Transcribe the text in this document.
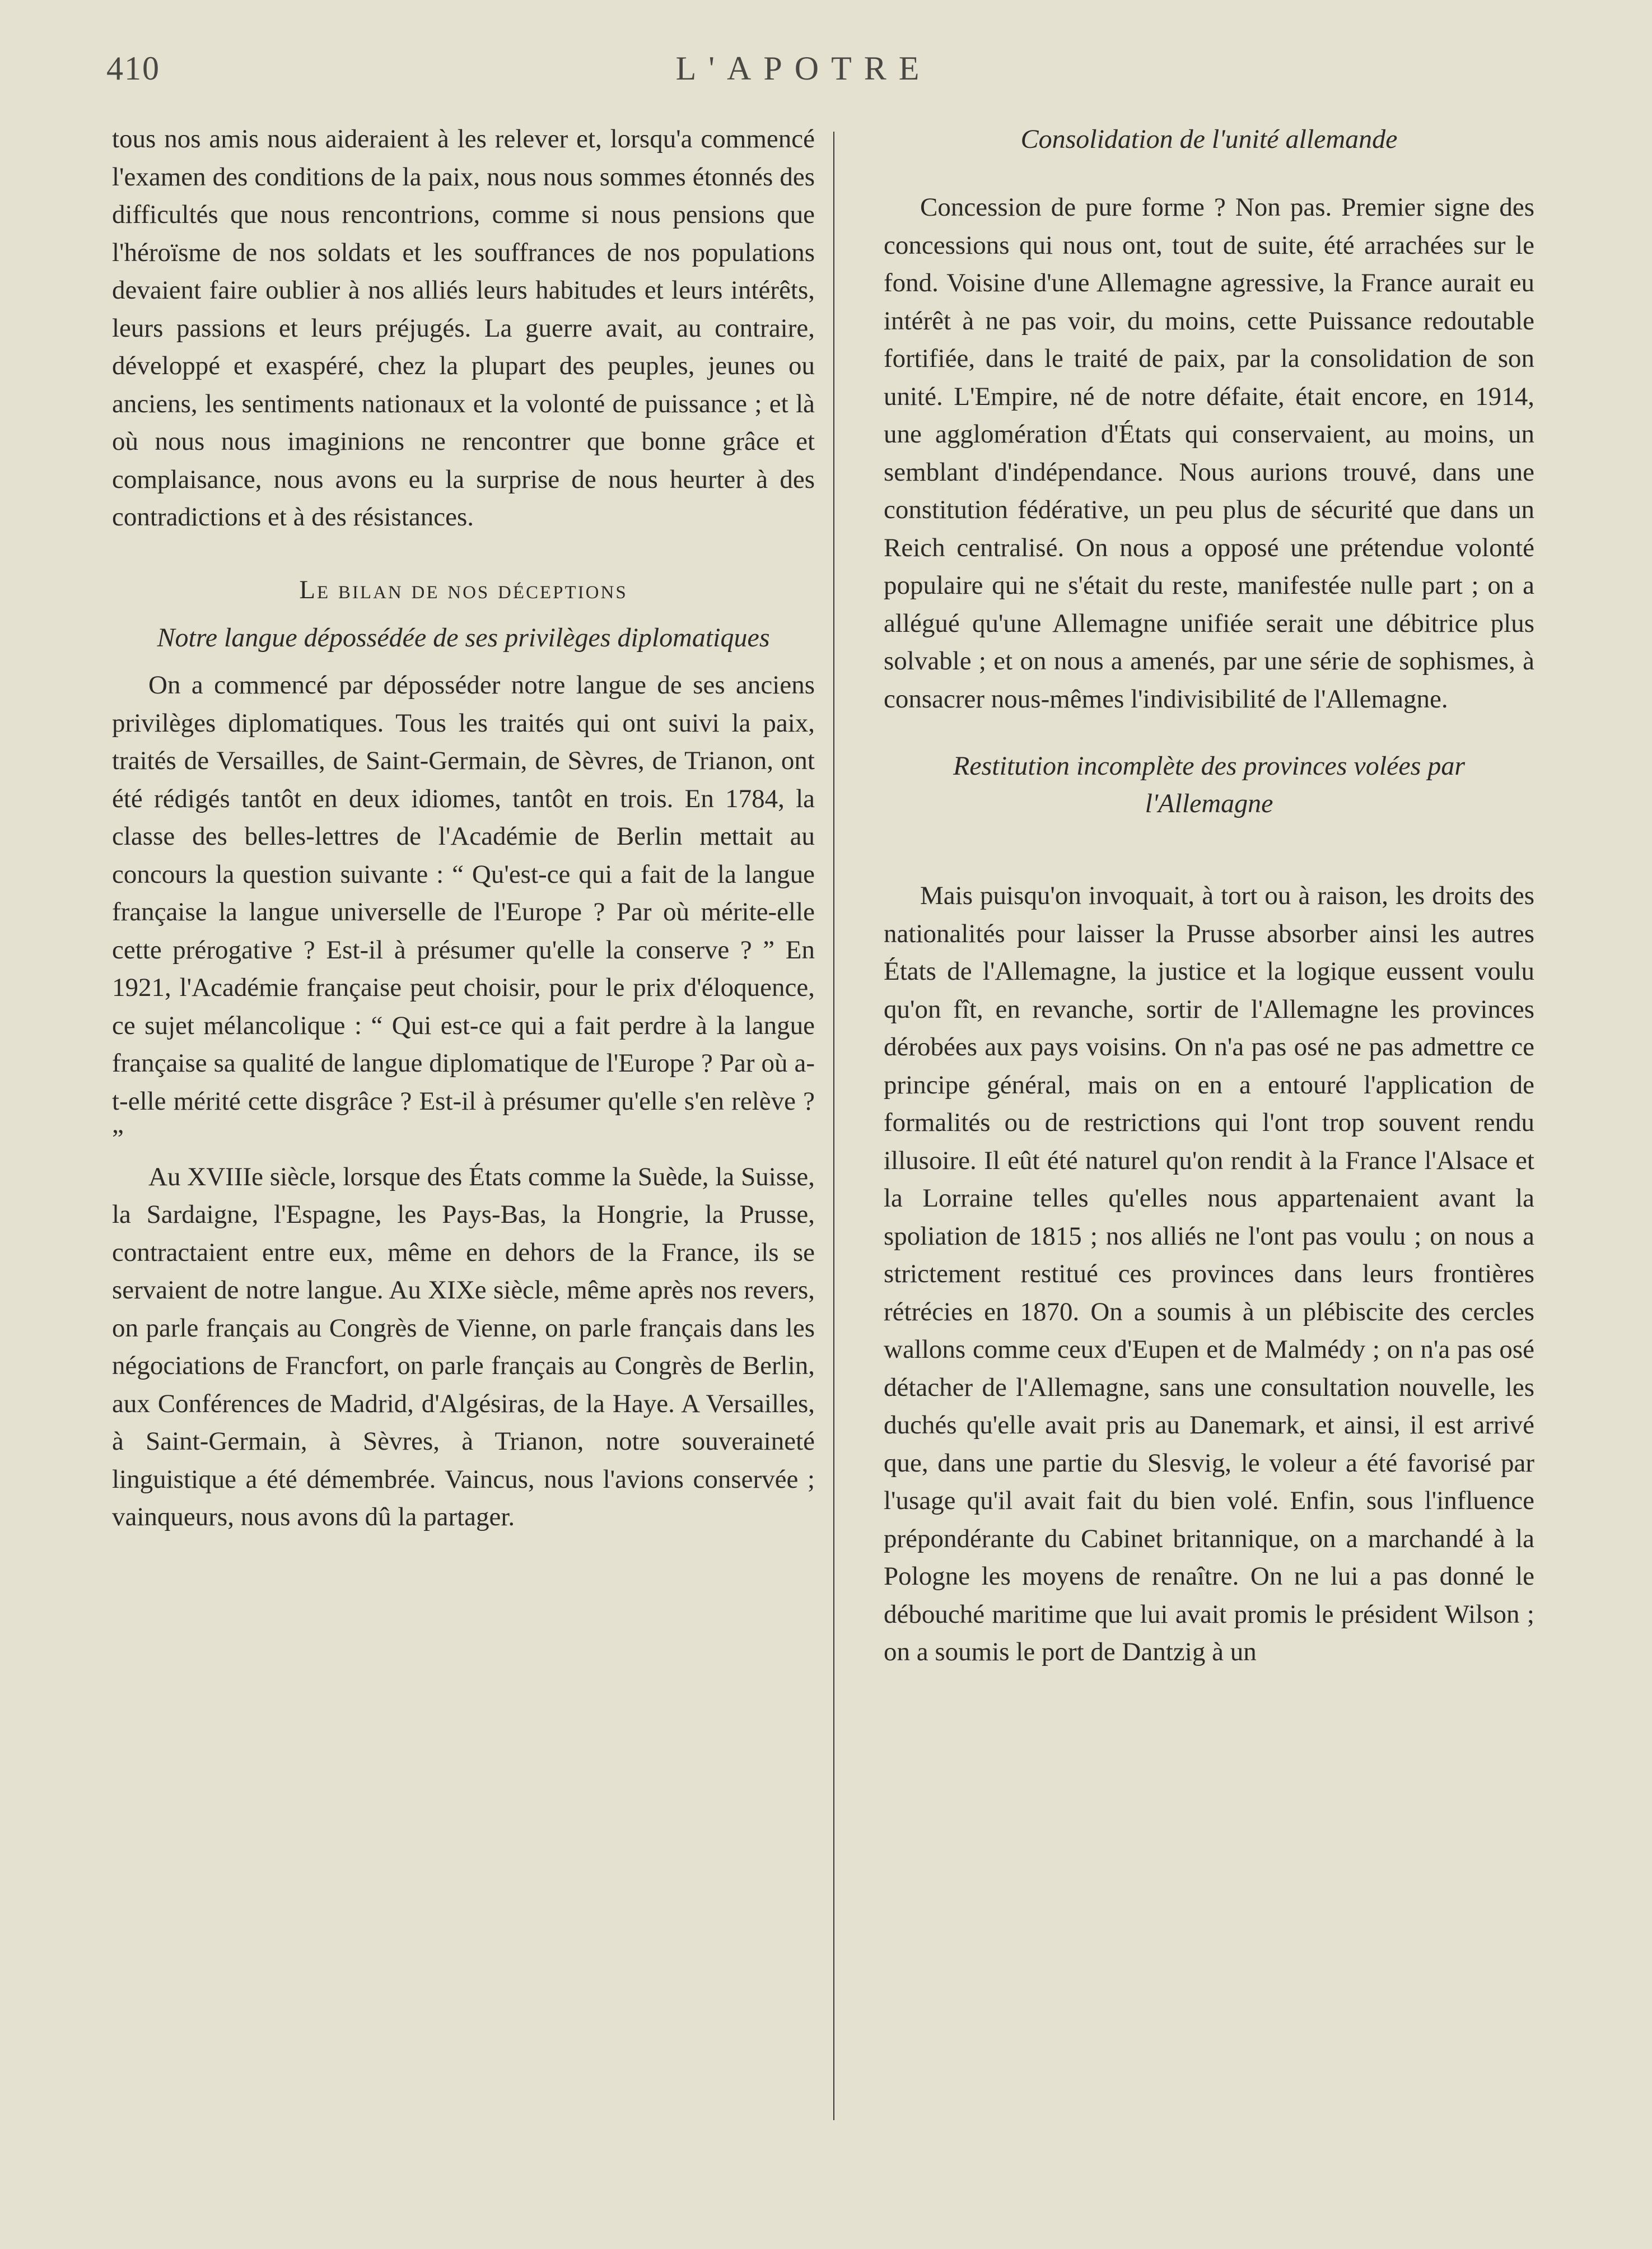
410	L'APOTRE

tous nos amis nous aideraient à les relever et, lorsqu'a commencé l'examen des conditions de la paix, nous nous sommes étonnés des difficultés que nous rencontrions, comme si nous pensions que l'héroïsme de nos soldats et les souffrances de nos populations devaient faire oublier à nos alliés leurs habitudes et leurs intérêts, leurs passions et leurs préjugés. La guerre avait, au contraire, développé et exaspéré, chez la plupart des peuples, jeunes ou anciens, les sentiments nationaux et la volonté de puissance ; et là où nous nous imaginions ne rencontrer que bonne grâce et complaisance, nous avons eu la surprise de nous heurter à des contradictions et à des résistances.

Le bilan de nos déceptions
Notre langue dépossédée de ses privilèges diplomatiques

On a commencé par déposséder notre langue de ses anciens privilèges diplomatiques. Tous les traités qui ont suivi la paix, traités de Versailles, de Saint-Germain, de Sèvres, de Trianon, ont été rédigés tantôt en deux idiomes, tantôt en trois. En 1784, la classe des belles-lettres de l'Académie de Berlin mettait au concours la question suivante : “ Qu'est-ce qui a fait de la langue française la langue universelle de l'Europe ? Par où mérite-elle cette prérogative ? Est-il à présumer qu'elle la conserve ? ” En 1921, l'Académie française peut choisir, pour le prix d'éloquence, ce sujet mélancolique : “ Qui est-ce qui a fait perdre à la langue française sa qualité de langue diplomatique de l'Europe ? Par où a-t-elle mérité cette disgrâce ? Est-il à présumer qu'elle s'en relève ? ”

Au XVIIIe siècle, lorsque des États comme la Suède, la Suisse, la Sardaigne, l'Espagne, les Pays-Bas, la Hongrie, la Prusse, contractaient entre eux, même en dehors de la France, ils se servaient de notre langue. Au XIXe siècle, même après nos revers, on parle français au Congrès de Vienne, on parle français dans les négociations de Francfort, on parle français au Congrès de Berlin, aux Conférences de Madrid, d'Algésiras, de la Haye. A Versailles, à Saint-Germain, à Sèvres, à Trianon, notre souveraineté linguistique a été démembrée. Vaincus, nous l'avions conservée ; vainqueurs, nous avons dû la partager.

Consolidation de l'unité allemande

Concession de pure forme ? Non pas. Premier signe des concessions qui nous ont, tout de suite, été arrachées sur le fond. Voisine d'une Allemagne agressive, la France aurait eu intérêt à ne pas voir, du moins, cette Puissance redoutable fortifiée, dans le traité de paix, par la consolidation de son unité. L'Empire, né de notre défaite, était encore, en 1914, une agglomération d'États qui conservaient, au moins, un semblant d'indépendance. Nous aurions trouvé, dans une constitution fédérative, un peu plus de sécurité que dans un Reich centralisé. On nous a opposé une prétendue volonté populaire qui ne s'était du reste, manifestée nulle part ; on a allégué qu'une Allemagne unifiée serait une débitrice plus solvable ; et on nous a amenés, par une série de sophismes, à consacrer nous-mêmes l'indivisibilité de l'Allemagne.

Restitution incomplète des provinces volées par l'Allemagne

Mais puisqu'on invoquait, à tort ou à raison, les droits des nationalités pour laisser la Prusse absorber ainsi les autres États de l'Allemagne, la justice et la logique eussent voulu qu'on fît, en revanche, sortir de l'Allemagne les provinces dérobées aux pays voisins. On n'a pas osé ne pas admettre ce principe général, mais on en a entouré l'application de formalités ou de restrictions qui l'ont trop souvent rendu illusoire. Il eût été naturel qu'on rendit à la France l'Alsace et la Lorraine telles qu'elles nous appartenaient avant la spoliation de 1815 ; nos alliés ne l'ont pas voulu ; on nous a strictement restitué ces provinces dans leurs frontières rétrécies en 1870. On a soumis à un plébiscite des cercles wallons comme ceux d'Eupen et de Malmédy ; on n'a pas osé détacher de l'Allemagne, sans une consultation nouvelle, les duchés qu'elle avait pris au Danemark, et ainsi, il est arrivé que, dans une partie du Slesvig, le voleur a été favorisé par l'usage qu'il avait fait du bien volé. Enfin, sous l'influence prépondérante du Cabinet britannique, on a marchandé à la Pologne les moyens de renaître. On ne lui a pas donné le débouché maritime que lui avait promis le président Wilson ; on a soumis le port de Dantzig à un
